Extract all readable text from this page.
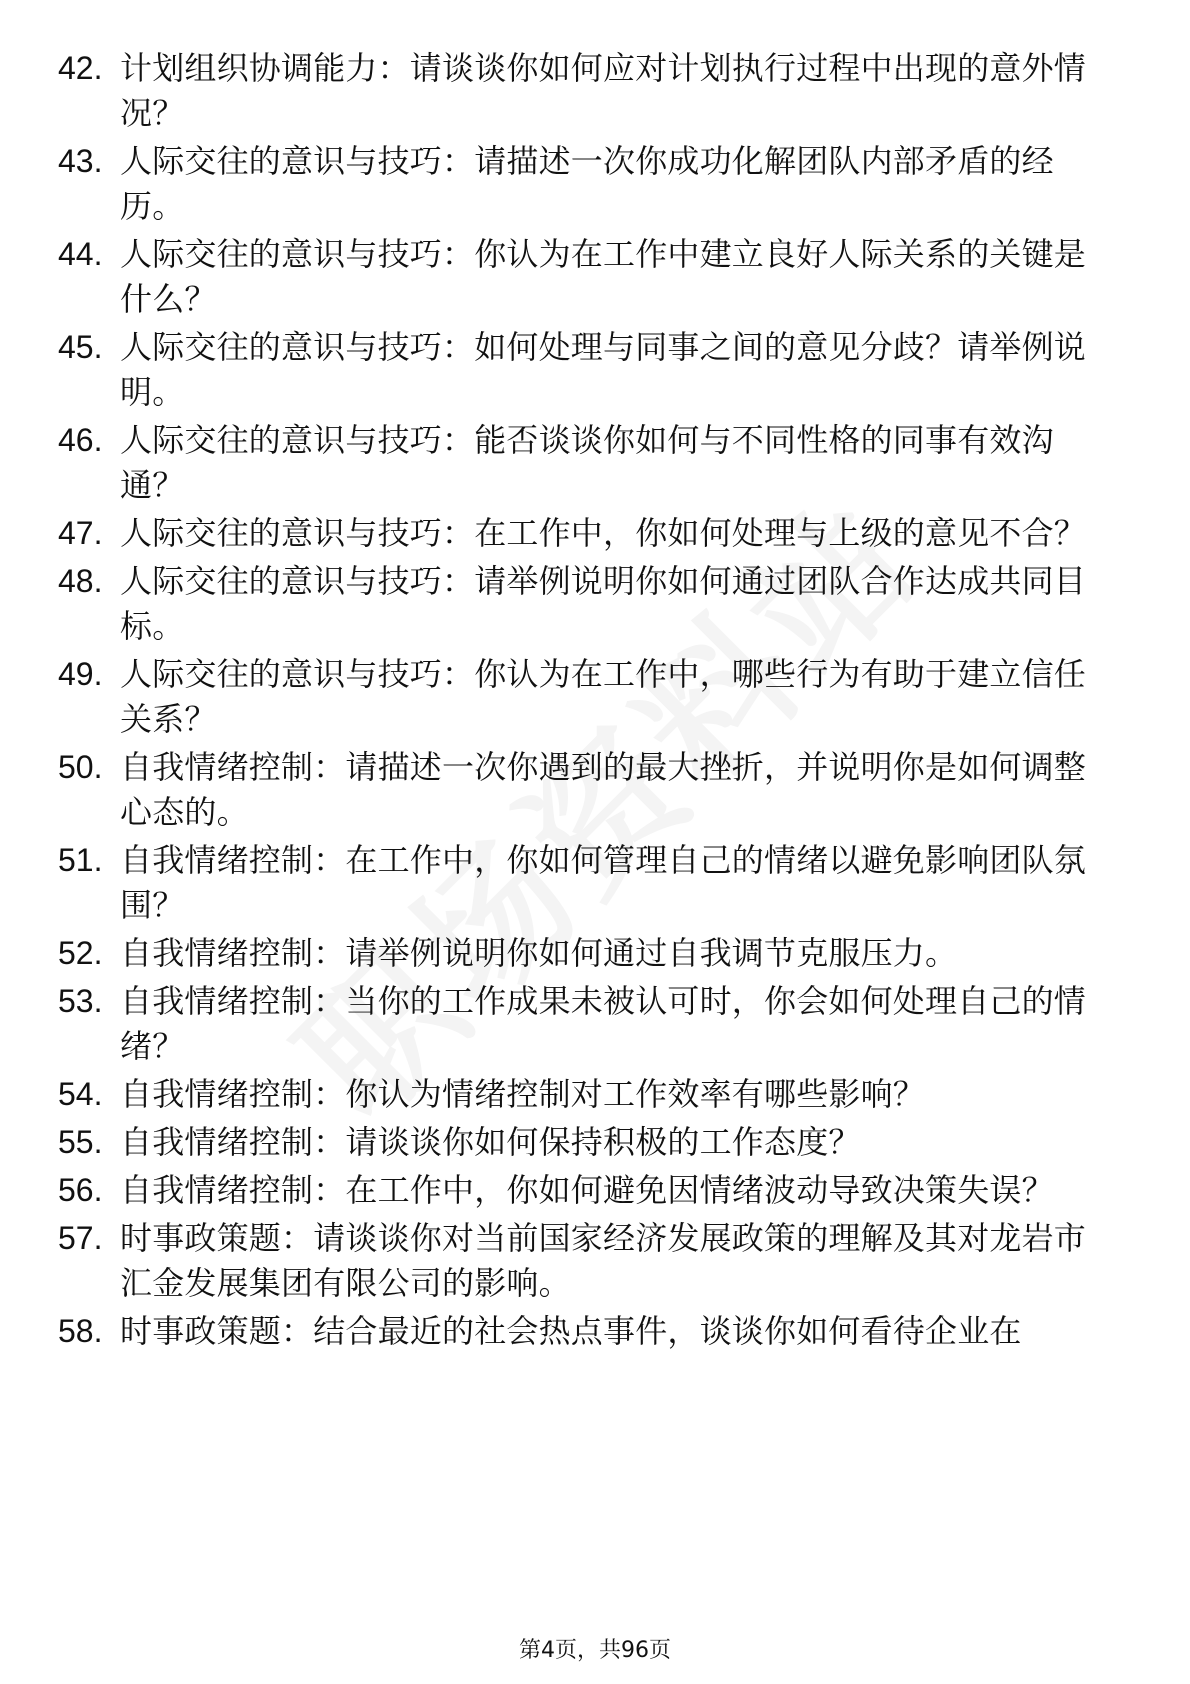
42. 计划组织协调能力：请谈谈你如何应对计划执行过程中出现的意外情况？
43. 人际交往的意识与技巧：请描述一次你成功化解团队内部矛盾的经历。
44. 人际交往的意识与技巧：你认为在工作中建立良好人际关系的关键是什么？
45. 人际交往的意识与技巧：如何处理与同事之间的意见分歧？请举例说明。
46. 人际交往的意识与技巧：能否谈谈你如何与不同性格的同事有效沟通？
47. 人际交往的意识与技巧：在工作中，你如何处理与上级的意见不合？
48. 人际交往的意识与技巧：请举例说明你如何通过团队合作达成共同目标。
49. 人际交往的意识与技巧：你认为在工作中，哪些行为有助于建立信任关系？
50. 自我情绪控制：请描述一次你遇到的最大挫折，并说明你是如何调整心态的。
51. 自我情绪控制：在工作中，你如何管理自己的情绪以避免影响团队氛围？
52. 自我情绪控制：请举例说明你如何通过自我调节克服压力。
53. 自我情绪控制：当你的工作成果未被认可时，你会如何处理自己的情绪？
54. 自我情绪控制：你认为情绪控制对工作效率有哪些影响？
55. 自我情绪控制：请谈谈你如何保持积极的工作态度？
56. 自我情绪控制：在工作中，你如何避免因情绪波动导致决策失误？
57. 时事政策题：请谈谈你对当前国家经济发展政策的理解及其对龙岩市汇金发展集团有限公司的影响。
58. 时事政策题：结合最近的社会热点事件，谈谈你如何看待企业在
第4页，共96页
